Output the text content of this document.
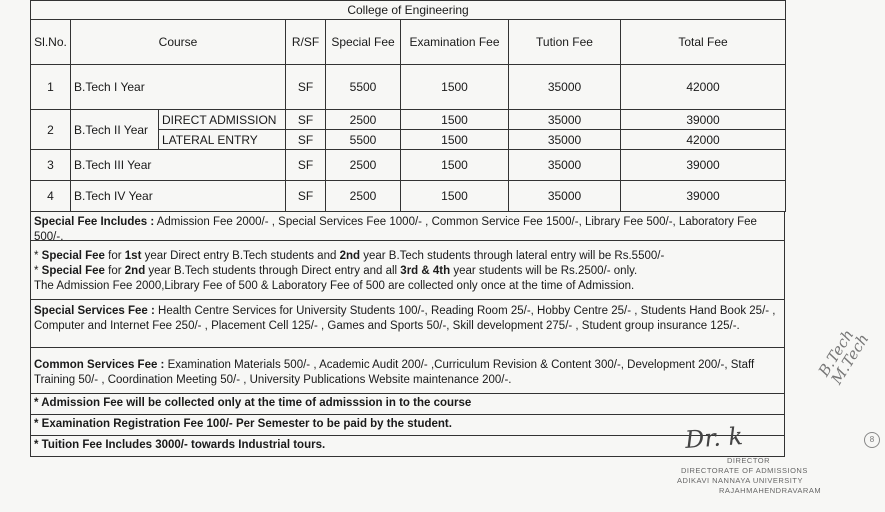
College of Engineering							
Sl.No.	Course		R/SF	Special Fee	Examination Fee	Tution Fee	Total Fee
1	B.Tech I Year		SF	5500	1500	35000	42000
2	B.Tech II Year	DIRECT ADMISSION	SF	2500	1500	35000	39000
		LATERAL ENTRY	SF	5500	1500	35000	42000
3	B.Tech III Year		SF	2500	1500	35000	39000
4	B.Tech IV Year		SF	2500	1500	35000	39000
Special Fee Includes : Admission Fee 2000/- , Special Services Fee 1000/- , Common Service Fee 1500/-, Library Fee 500/-, Laboratory Fee 500/-.
* Special Fee for 1st year Direct entry B.Tech students and 2nd year B.Tech students through lateral entry will be Rs.5500/-
* Special Fee for 2nd year B.Tech students through Direct entry and all 3rd & 4th year students will be Rs.2500/- only.
The Admission Fee 2000,Library Fee of 500 & Laboratory Fee of 500 are collected only once at the time of Admission.
Special Services Fee : Health Centre Services for University Students 100/-, Reading Room 25/-, Hobby Centre 25/- , Students Hand Book 25/- , Computer and Internet Fee 250/- , Placement Cell 125/- , Games and Sports 50/-, Skill development 275/- , Student group insurance 125/-.
Common Services Fee : Examination Materials 500/- , Academic Audit 200/- ,Curriculum Revision & Content 300/-, Development 200/-, Staff Training 50/- , Coordination Meeting 50/- , University Publications Website maintenance 200/-.
* Admission Fee will be collected only at the time of admisssion in to the course
* Examination Registration Fee 100/- Per Semester to be paid by the student.
* Tuition Fee Includes 3000/- towards Industrial tours.	Dr. k
DIRECTOR
DIRECTORATE OF ADMISSIONS
ADIKAVI NANNAYA UNIVERSITY
RAJAHMAHENDRAVARAM
B.Tech M.Tech
8
